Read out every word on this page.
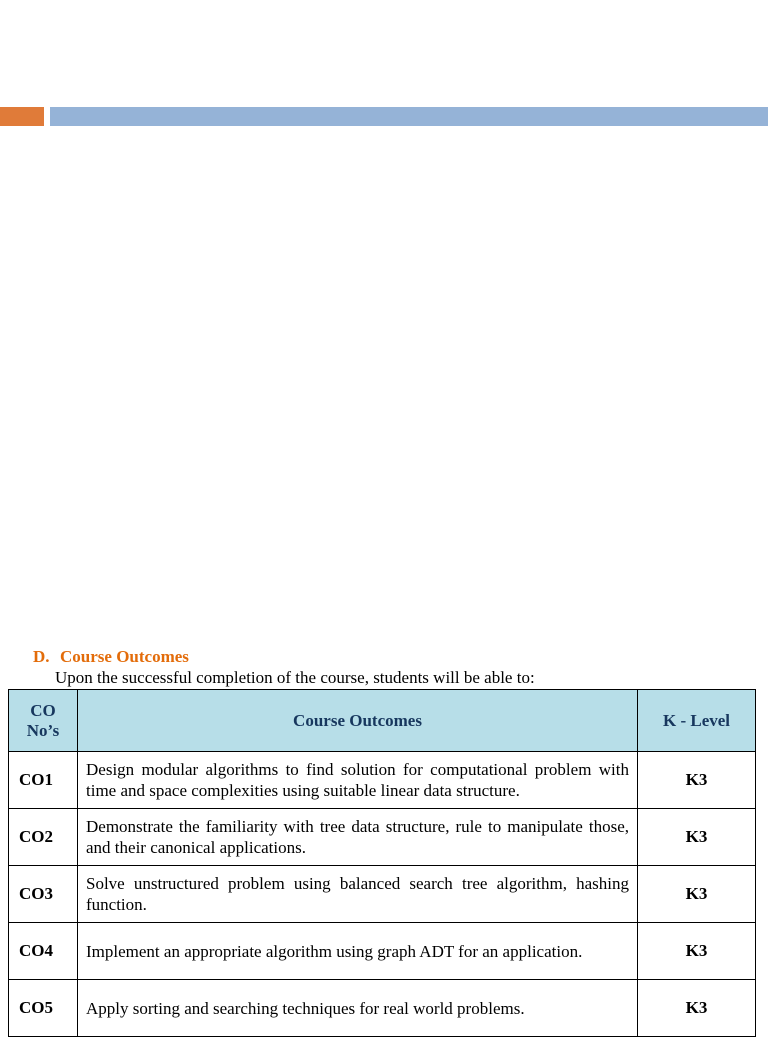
D. Course Outcomes
Upon the successful completion of the course, students will be able to:
CO
No’s	Course Outcomes	K - Level
CO1	Design modular algorithms to find solution for computational problem with time and space complexities using suitable linear data structure.	K3
CO2	Demonstrate the familiarity with tree data structure, rule to manipulate those, and their canonical applications.	K3
CO3	Solve unstructured problem using balanced search tree algorithm, hashing function.	K3
CO4	Implement an appropriate algorithm using graph ADT for an application.	K3
CO5	Apply sorting and searching techniques for real world problems.	K3
